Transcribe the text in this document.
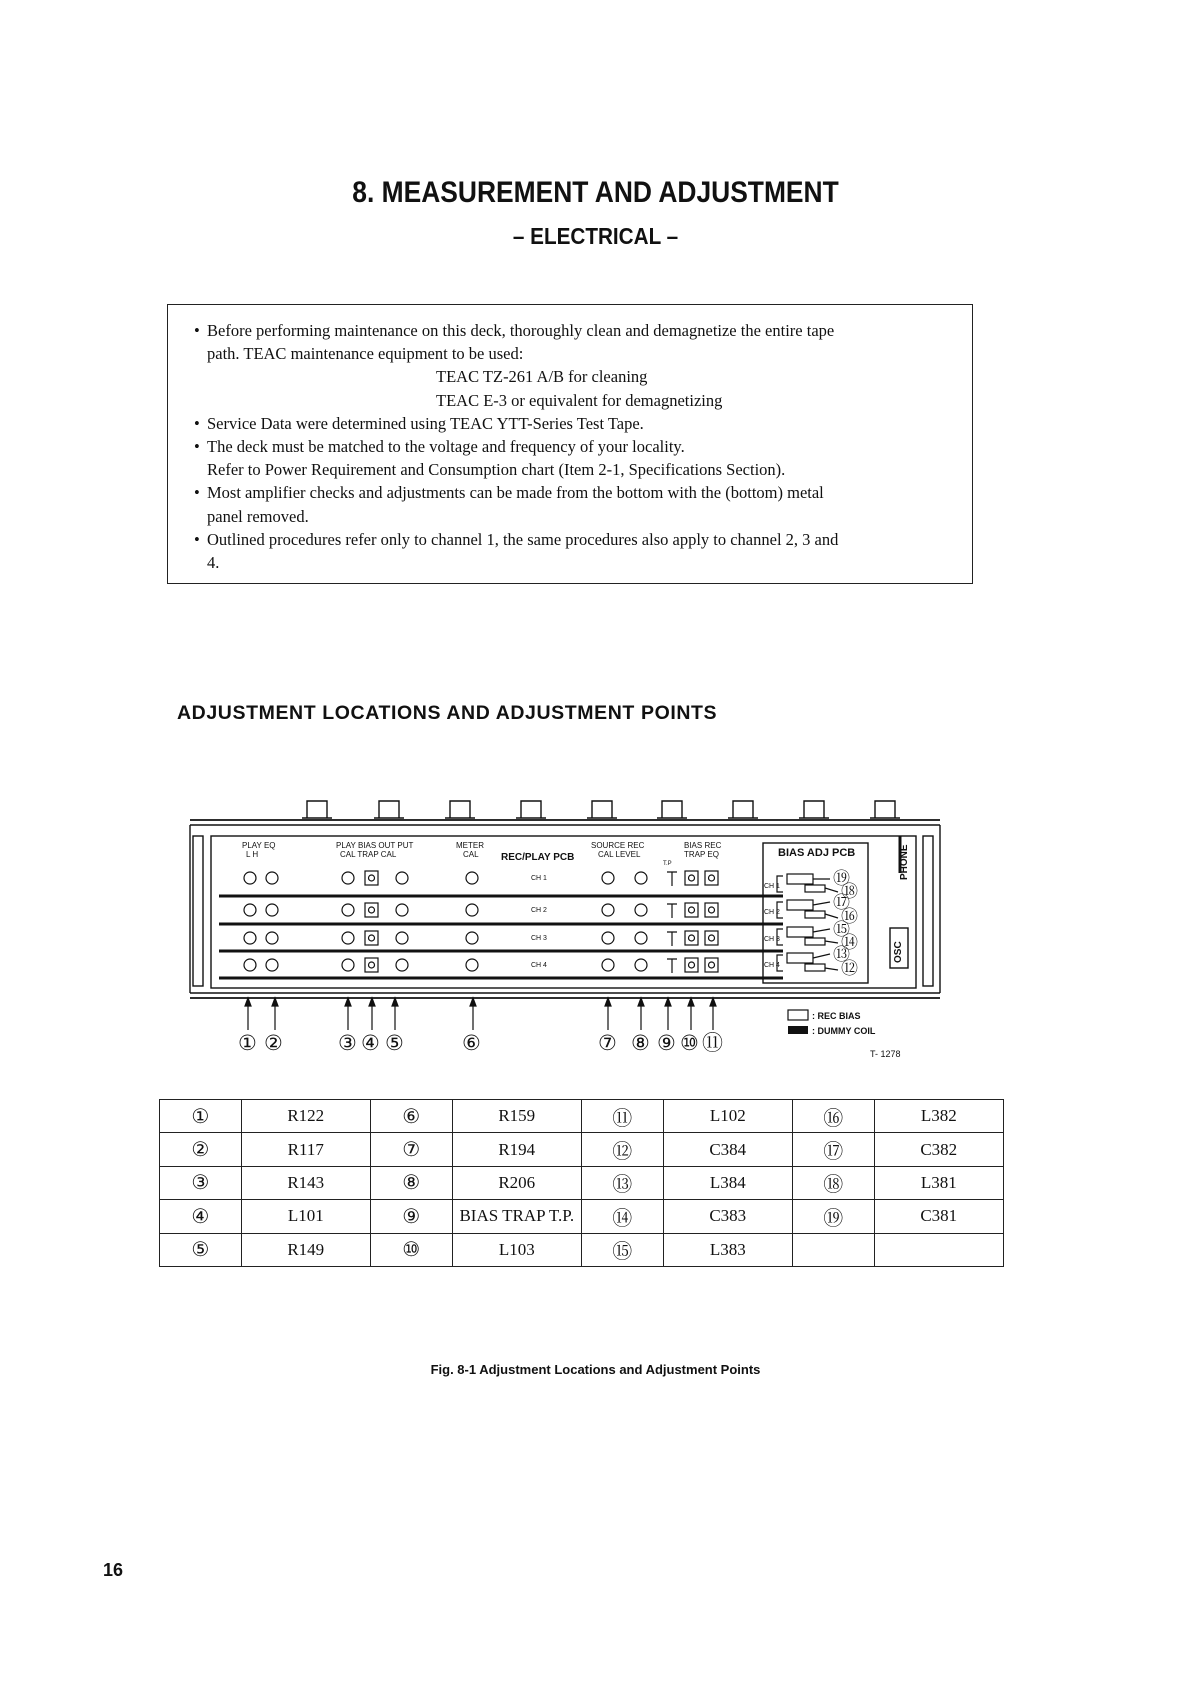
8. MEASUREMENT AND ADJUSTMENT
– ELECTRICAL –
• Before performing maintenance on this deck, thoroughly clean and demagnetize the entire tape
path. TEAC maintenance equipment to be used:
TEAC TZ-261 A/B for cleaning
TEAC E-3 or equivalent for demagnetizing
• Service Data were determined using TEAC YTT-Series Test Tape.
• The deck must be matched to the voltage and frequency of your locality.
Refer to Power Requirement and Consumption chart (Item 2-1, Specifications Section).
• Most amplifier checks and adjustments can be made from the bottom with the (bottom) metal
panel removed.
• Outlined procedures refer only to channel 1, the same procedures also apply to channel 2, 3 and
4.
ADJUSTMENT LOCATIONS AND ADJUSTMENT POINTS
PLAY EQ
L H
PLAY BIAS OUT PUT
CAL TRAP CAL
METER
CAL REC/PLAY PCB
SOURCE REC
CAL LEVEL
T.P
BIAS REC
TRAP EQ	BIAS ADJ PCB	PHONE
OSC
CH 1
CH 2
CH 3
CH 4
CH 1
CH 2
CH 3
CH 4
⑲
⑱
⑰
⑯
⑮
⑭
⑬
⑫
① ②	③ ④ ⑤	⑥	⑦ ⑧ ⑨ ⑩ ⑪
: REC BIAS
: DUMMY COIL
T- 1278
①	R122	⑥	R159	⑪	L102	⑯	L382
②	R117	⑦	R194	⑫	C384	⑰	C382
③	R143	⑧	R206	⑬	L384	⑱	L381
④	L101	⑨	BIAS TRAP T.P.	⑭	C383	⑲	C381
⑤	R149	⑩	L103	⑮	L383		
Fig. 8-1 Adjustment Locations and Adjustment Points
16
